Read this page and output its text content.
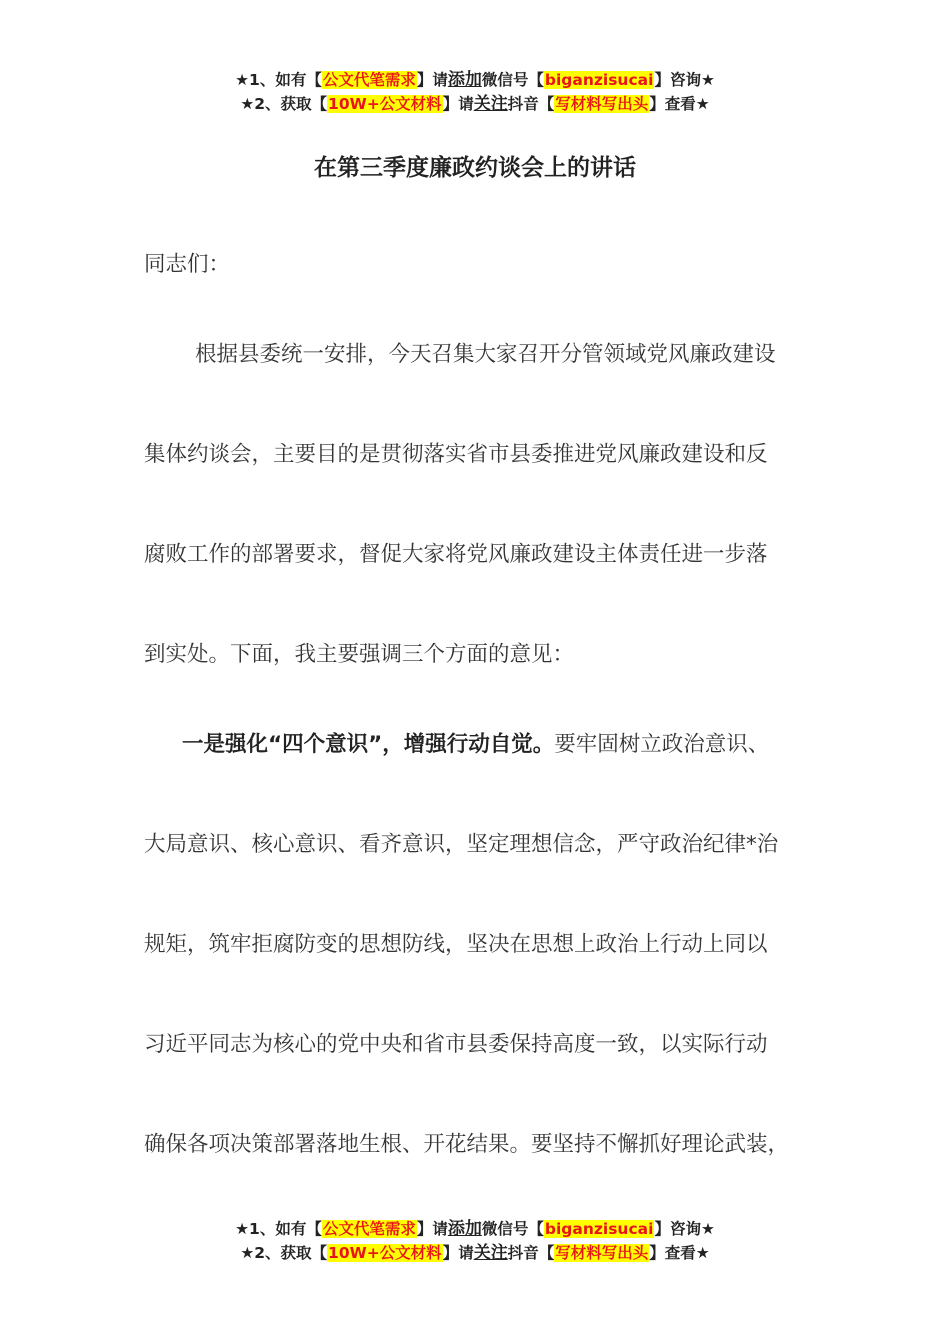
★1、如有【公文代笔需求】请添加微信号【biganzisucai】咨询★
★2、获取【10W+公文材料】请关注抖音【写材料写出头】查看★
在第三季度廉政约谈会上的讲话
同志们：
根据县委统一安排，今天召集大家召开分管领域党风廉政建设
集体约谈会，主要目的是贯彻落实省市县委推进党风廉政建设和反
腐败工作的部署要求，督促大家将党风廉政建设主体责任进一步落
到实处。下面，我主要强调三个方面的意见：
一是强化“四个意识”，增强行动自觉。要牢固树立政治意识、
大局意识、核心意识、看齐意识，坚定理想信念，严守政治纪律*治
规矩，筑牢拒腐防变的思想防线，坚决在思想上政治上行动上同以
习近平同志为核心的党中央和省市县委保持高度一致，以实际行动
确保各项决策部署落地生根、开花结果。要坚持不懈抓好理论武装，
★1、如有【公文代笔需求】请添加微信号【biganzisucai】咨询★
★2、获取【10W+公文材料】请关注抖音【写材料写出头】查看★
